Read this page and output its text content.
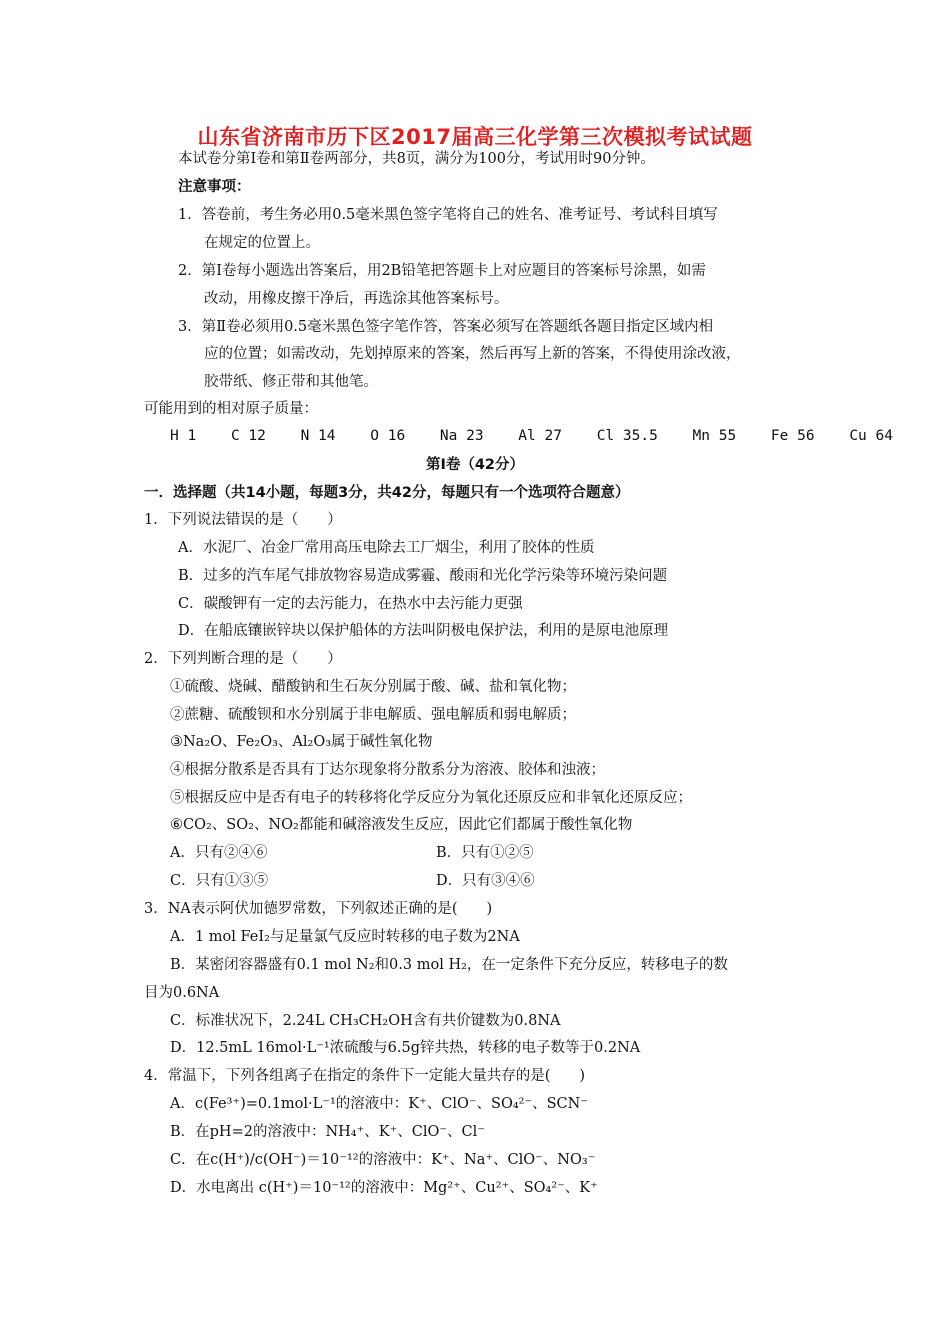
山东省济南市历下区2017届高三化学第三次模拟考试试题
本试卷分第Ⅰ卷和第Ⅱ卷两部分，共8页，满分为100分，考试用时90分钟。
注意事项：
1．答卷前，考生务必用0.5毫米黑色签字笔将自己的姓名、准考证号、考试科目填写
在规定的位置上。
2．第Ⅰ卷每小题选出答案后，用2B铅笔把答题卡上对应题目的答案标号涂黑，如需
改动，用橡皮擦干净后，再选涂其他答案标号。
3．第Ⅱ卷必须用0.5毫米黑色签字笔作答，答案必须写在答题纸各题目指定区域内相
应的位置；如需改动，先划掉原来的答案，然后再写上新的答案，不得使用涂改液，
胶带纸、修正带和其他笔。
可能用到的相对原子质量：
H 1 C 12 N 14 O 16 Na 23 Al 27 Cl 35.5 Mn 55 Fe 56 Cu 64
第Ⅰ卷（42分）
一．选择题（共14小题，每题3分，共42分，每题只有一个选项符合题意）
1．下列说法错误的是（　　）
A．水泥厂、冶金厂常用高压电除去工厂烟尘，利用了胶体的性质
B．过多的汽车尾气排放物容易造成雾霾、酸雨和光化学污染等环境污染问题
C．碳酸钾有一定的去污能力，在热水中去污能力更强
D．在船底镶嵌锌块以保护船体的方法叫阴极电保护法，利用的是原电池原理
2．下列判断合理的是（　　）
①硫酸、烧碱、醋酸钠和生石灰分别属于酸、碱、盐和氧化物；
②蔗糖、硫酸钡和水分别属于非电解质、强电解质和弱电解质；
③Na₂O、Fe₂O₃、Al₂O₃属于碱性氧化物
④根据分散系是否具有丁达尔现象将分散系分为溶液、胶体和浊液；
⑤根据反应中是否有电子的转移将化学反应分为氧化还原反应和非氧化还原反应；
⑥CO₂、SO₂、NO₂都能和碱溶液发生反应，因此它们都属于酸性氧化物
A．只有②④⑥	B．只有①②⑤
C．只有①③⑤	D．只有③④⑥
3．NA表示阿伏加德罗常数，下列叙述正确的是(　　)
A．1 mol FeI₂与足量氯气反应时转移的电子数为2NA
B．某密闭容器盛有0.1 mol N₂和0.3 mol H₂，在一定条件下充分反应，转移电子的数
目为0.6NA
C．标准状况下，2.24L CH₃CH₂OH含有共价键数为0.8NA
D．12.5mL 16mol·L⁻¹浓硫酸与6.5g锌共热，转移的电子数等于0.2NA
4．常温下，下列各组离子在指定的条件下一定能大量共存的是(　　)
A．c(Fe³⁺)=0.1mol·L⁻¹的溶液中：K⁺、ClO⁻、SO₄²⁻、SCN⁻
B．在pH=2的溶液中：NH₄⁺、K⁺、ClO⁻、Cl⁻
C．在c(H⁺)/c(OH⁻)＝10⁻¹²的溶液中：K⁺、Na⁺、ClO⁻、NO₃⁻
D．水电离出 c(H⁺)＝10⁻¹²的溶液中：Mg²⁺、Cu²⁺、SO₄²⁻、K⁺
